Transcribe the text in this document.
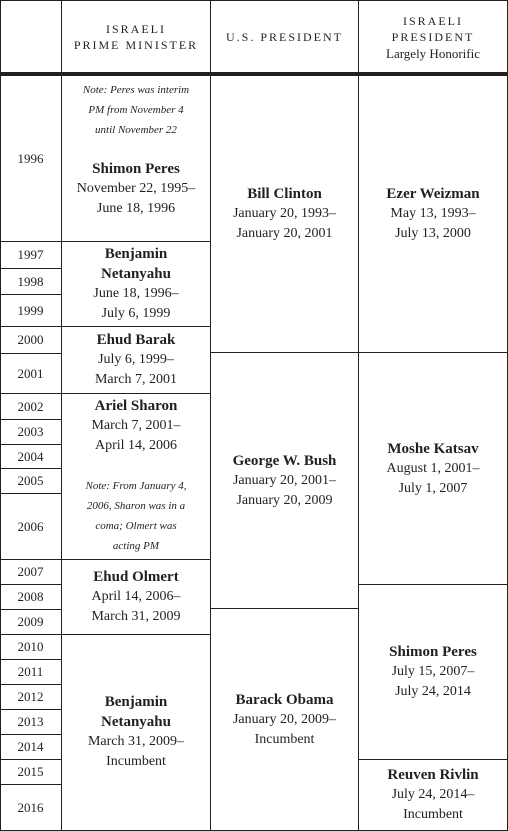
ISRAELI
PRIME MINISTER
U.S. PRESIDENT
ISRAELI
PRESIDENT
Largely Honorific
1996
1997
1998
1999
2000
2001
2002
2003
2004
2005
2006
2007
2008
2009
2010
2011
2012
2013
2014
2015
2016
Note: Peres was interim
PM from November 4
until November 22
Shimon Peres
November 22, 1995–
June 18, 1996
Benjamin
Netanyahu
June 18, 1996–
July 6, 1999
Ehud Barak
July 6, 1999–
March 7, 2001
Ariel Sharon
March 7, 2001–
April 14, 2006
Note: From January 4,
2006, Sharon was in a
coma; Olmert was
acting PM
Ehud Olmert
April 14, 2006–
March 31, 2009
Benjamin
Netanyahu
March 31, 2009–
Incumbent
Bill Clinton
January 20, 1993–
January 20, 2001
George W. Bush
January 20, 2001–
January 20, 2009
Barack Obama
January 20, 2009–
Incumbent
Ezer Weizman
May 13, 1993–
July 13, 2000
Moshe Katsav
August 1, 2001–
July 1, 2007
Shimon Peres
July 15, 2007–
July 24, 2014
Reuven Rivlin
July 24, 2014–
Incumbent
